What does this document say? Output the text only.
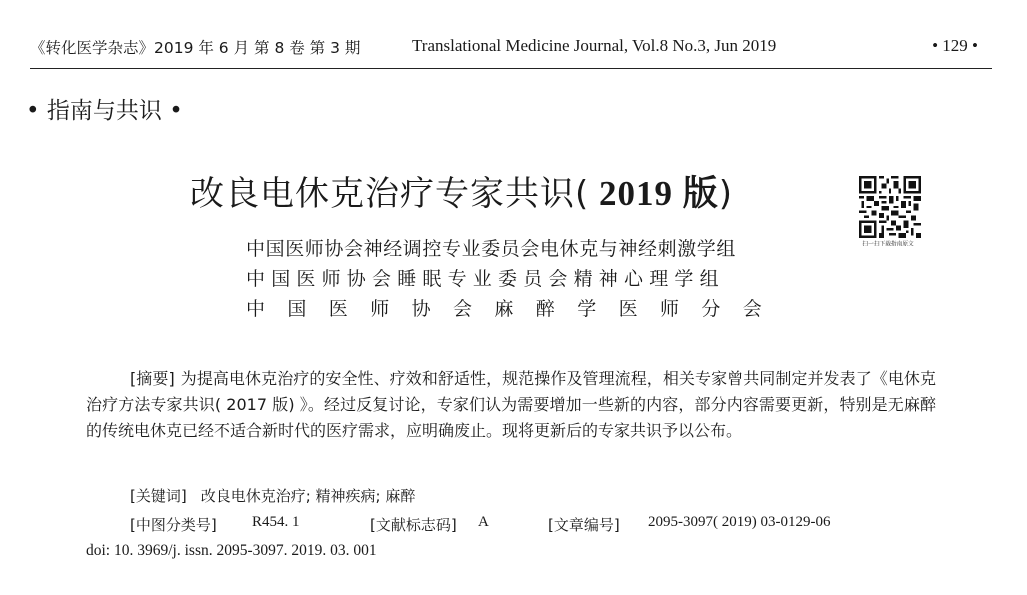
《转化医学杂志》2019 年 6 月 第 8 卷 第 3 期	Translational Medicine Journal, Vol.8 No.3, Jun 2019	• 129 •
• 指南与共识 •
改良电休克治疗专家共识( 2019 版)
扫一扫下载指南原文
中国医师协会神经调控专业委员会电休克与神经刺激学组
中国医师协会睡眠专业委员会精神心理学组
中国医师协会麻醉学医师分会
[摘要] 为提高电休克治疗的安全性、疗效和舒适性，规范操作及管理流程，相关专家曾共同制定并发表了《电休克治疗方法专家共识( 2017 版) 》。经过反复讨论，专家们认为需要增加一些新的内容，部分内容需要更新，特别是无麻醉的传统电休克已经不适合新时代的医疗需求，应明确废止。现将更新后的专家共识予以公布。
[关键词] 改良电休克治疗; 精神疾病; 麻醉
[中图分类号] R454. 1	[文献标志码] A	[文章编号] 2095-3097( 2019) 03-0129-06
doi: 10. 3969/j. issn. 2095-3097. 2019. 03. 001
